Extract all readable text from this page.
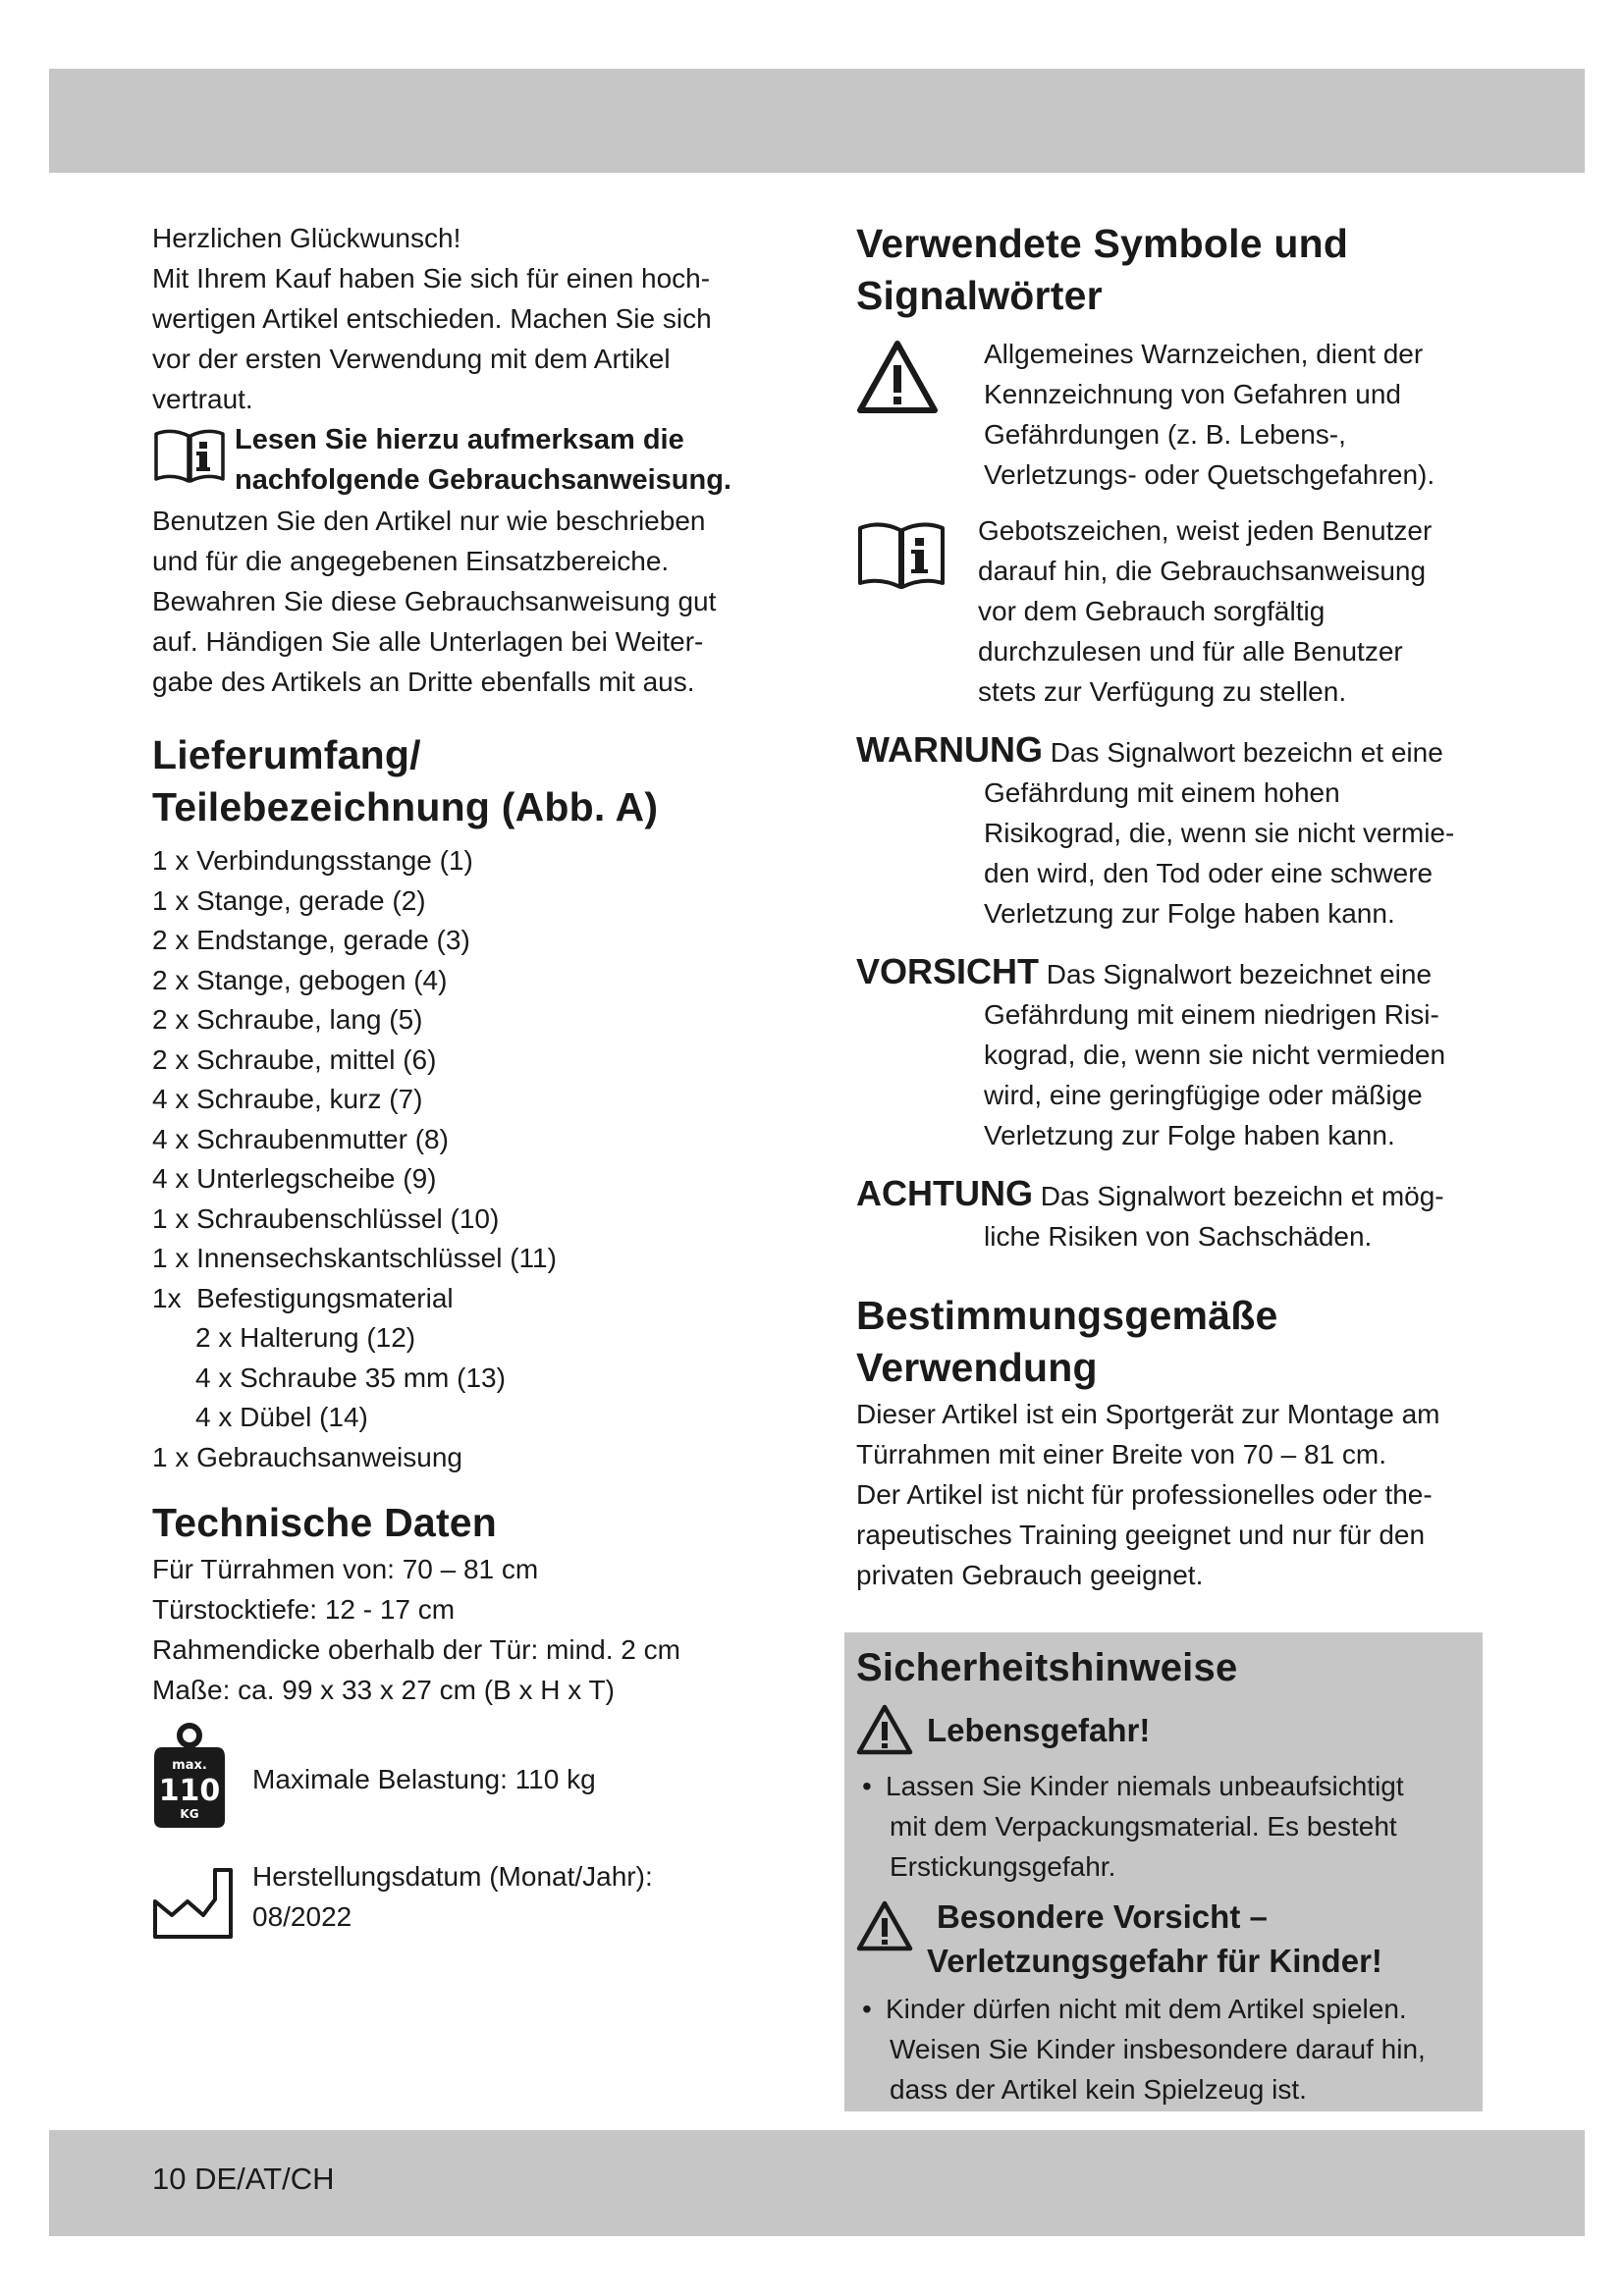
Herzlichen Glückwunsch!

Mit Ihrem Kauf haben Sie sich für einen hoch-

wertigen Artikel entschieden. Machen Sie sich

vor der ersten Verwendung mit dem Artikel

vertraut.

Lesen Sie hierzu aufmerksam die

nachfolgende Gebrauchsanweisung.

Benutzen Sie den Artikel nur wie beschrieben

und für die angegebenen Einsatzbereiche.

Bewahren Sie diese Gebrauchsanweisung gut

auf. Händigen Sie alle Unterlagen bei Weiter-

gabe des Artikels an Dritte ebenfalls mit aus.

Lieferumfang/

Teilebezeichnung (Abb. A)

1 x Verbindungsstange (1)
1 x Stange, gerade (2)
2 x Endstange, gerade (3)
2 x Stange, gebogen (4)
2 x Schraube, lang (5)
2 x Schraube, mittel (6)
4 x Schraube, kurz (7)
4 x Schraubenmutter (8)
4 x Unterlegscheibe (9)
1 x Schraubenschlüssel (10)
1 x Innensechskantschlüssel (11)
1x  Befestigungsmaterial
2 x Halterung (12)
4 x Schraube 35 mm (13)
4 x Dübel (14)
1 x Gebrauchsanweisung

Technische Daten

Für Türrahmen von: 70 – 81 cm

Türstocktiefe: 12 - 17 cm

Rahmendicke oberhalb der Tür: mind. 2 cm

Maße: ca. 99 x 33 x 27 cm (B x H x T)

max.
110
KG

Maximale Belastung: 110 kg

Herstellungsdatum (Monat/Jahr):

08/2022

Verwendete Symbole und

Signalwörter

Allgemeines Warnzeichen, dient der

Kennzeichnung von Gefahren und

Gefährdungen (z. B. Lebens-,

Verletzungs- oder Quetschgefahren).

Gebotszeichen, weist jeden Benutzer

darauf hin, die Gebrauchsanweisung

vor dem Gebrauch sorgfältig

durchzulesen und für alle Benutzer

stets zur Verfügung zu stellen.

WARNUNG Das Signalwort bezeichn et eine Gefährdung mit einem hohen Risikograd, die, wenn sie nicht vermie-den wird, den Tod oder eine schwere Verletzung zur Folge haben kann.

VORSICHT Das Signalwort bezeichnet eine Gefährdung mit einem niedrigen Risi-kograd, die, wenn sie nicht vermieden wird, eine geringfügige oder mäßige Verletzung zur Folge haben kann.

ACHTUNG Das Signalwort bezeichn et mög-liche Risiken von Sachschäden.

Bestimmungsgemäße

Verwendung

Dieser Artikel ist ein Sportgerät zur Montage am

Türrahmen mit einer Breite von 70 – 81 cm.

Der Artikel ist nicht für professionelles oder the-

rapeutisches Training geeignet und nur für den

privaten Gebrauch geeignet.

Sicherheitshinweise

Lebensgefahr!

• Lassen Sie Kinder niemals unbeaufsichtigt

mit dem Verpackungsmaterial. Es besteht

Erstickungsgefahr.

Besondere Vorsicht –

Verletzungsgefahr für Kinder!

• Kinder dürfen nicht mit dem Artikel spielen.

Weisen Sie Kinder insbesondere darauf hin,

dass der Artikel kein Spielzeug ist.

10 DE/AT/CH
